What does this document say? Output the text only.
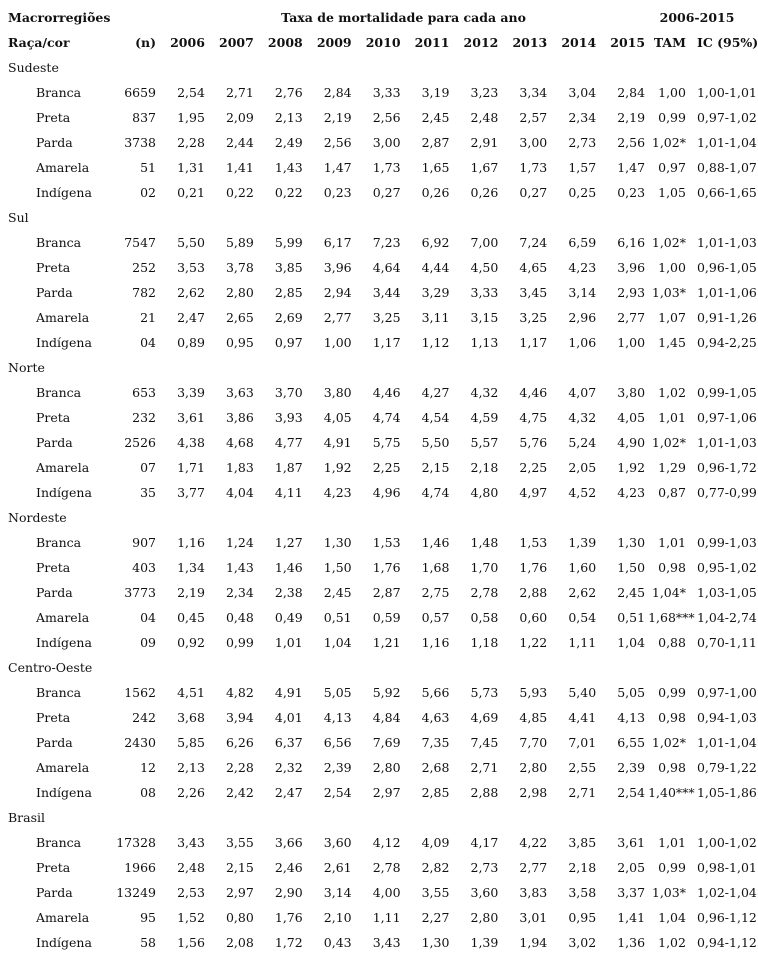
Macrorregiões		Taxa de mortalidade para cada ano										2006-2015	
Raça/cor	(n)	2006	2007	2008	2009	2010	2011	2012	2013	2014	2015	TAM	IC (95%)
Sudeste													
Branca	6659	2,54	2,71	2,76	2,84	3,33	3,19	3,23	3,34	3,04	2,84	1,00	1,00-1,01
Preta	837	1,95	2,09	2,13	2,19	2,56	2,45	2,48	2,57	2,34	2,19	0,99	0,97-1,02
Parda	3738	2,28	2,44	2,49	2,56	3,00	2,87	2,91	3,00	2,73	2,56	1,02*	1,01-1,04
Amarela	51	1,31	1,41	1,43	1,47	1,73	1,65	1,67	1,73	1,57	1,47	0,97	0,88-1,07
Indígena	02	0,21	0,22	0,22	0,23	0,27	0,26	0,26	0,27	0,25	0,23	1,05	0,66-1,65
Sul													
Branca	7547	5,50	5,89	5,99	6,17	7,23	6,92	7,00	7,24	6,59	6,16	1,02*	1,01-1,03
Preta	252	3,53	3,78	3,85	3,96	4,64	4,44	4,50	4,65	4,23	3,96	1,00	0,96-1,05
Parda	782	2,62	2,80	2,85	2,94	3,44	3,29	3,33	3,45	3,14	2,93	1,03*	1,01-1,06
Amarela	21	2,47	2,65	2,69	2,77	3,25	3,11	3,15	3,25	2,96	2,77	1,07	0,91-1,26
Indígena	04	0,89	0,95	0,97	1,00	1,17	1,12	1,13	1,17	1,06	1,00	1,45	0,94-2,25
Norte													
Branca	653	3,39	3,63	3,70	3,80	4,46	4,27	4,32	4,46	4,07	3,80	1,02	0,99-1,05
Preta	232	3,61	3,86	3,93	4,05	4,74	4,54	4,59	4,75	4,32	4,05	1,01	0,97-1,06
Parda	2526	4,38	4,68	4,77	4,91	5,75	5,50	5,57	5,76	5,24	4,90	1,02*	1,01-1,03
Amarela	07	1,71	1,83	1,87	1,92	2,25	2,15	2,18	2,25	2,05	1,92	1,29	0,96-1,72
Indígena	35	3,77	4,04	4,11	4,23	4,96	4,74	4,80	4,97	4,52	4,23	0,87	0,77-0,99
Nordeste													
Branca	907	1,16	1,24	1,27	1,30	1,53	1,46	1,48	1,53	1,39	1,30	1,01	0,99-1,03
Preta	403	1,34	1,43	1,46	1,50	1,76	1,68	1,70	1,76	1,60	1,50	0,98	0,95-1,02
Parda	3773	2,19	2,34	2,38	2,45	2,87	2,75	2,78	2,88	2,62	2,45	1,04*	1,03-1,05
Amarela	04	0,45	0,48	0,49	0,51	0,59	0,57	0,58	0,60	0,54	0,51	1,68***	1,04-2,74
Indígena	09	0,92	0,99	1,01	1,04	1,21	1,16	1,18	1,22	1,11	1,04	0,88	0,70-1,11
Centro-Oeste													
Branca	1562	4,51	4,82	4,91	5,05	5,92	5,66	5,73	5,93	5,40	5,05	0,99	0,97-1,00
Preta	242	3,68	3,94	4,01	4,13	4,84	4,63	4,69	4,85	4,41	4,13	0,98	0,94-1,03
Parda	2430	5,85	6,26	6,37	6,56	7,69	7,35	7,45	7,70	7,01	6,55	1,02*	1,01-1,04
Amarela	12	2,13	2,28	2,32	2,39	2,80	2,68	2,71	2,80	2,55	2,39	0,98	0,79-1,22
Indígena	08	2,26	2,42	2,47	2,54	2,97	2,85	2,88	2,98	2,71	2,54	1,40***	1,05-1,86
Brasil													
Branca	17328	3,43	3,55	3,66	3,60	4,12	4,09	4,17	4,22	3,85	3,61	1,01	1,00-1,02
Preta	1966	2,48	2,15	2,46	2,61	2,78	2,82	2,73	2,77	2,18	2,05	0,99	0,98-1,01
Parda	13249	2,53	2,97	2,90	3,14	4,00	3,55	3,60	3,83	3,58	3,37	1,03*	1,02-1,04
Amarela	95	1,52	0,80	1,76	2,10	1,11	2,27	2,80	3,01	0,95	1,41	1,04	0,96-1,12
Indígena	58	1,56	2,08	1,72	0,43	3,43	1,30	1,39	1,94	3,02	1,36	1,02	0,94-1,12
